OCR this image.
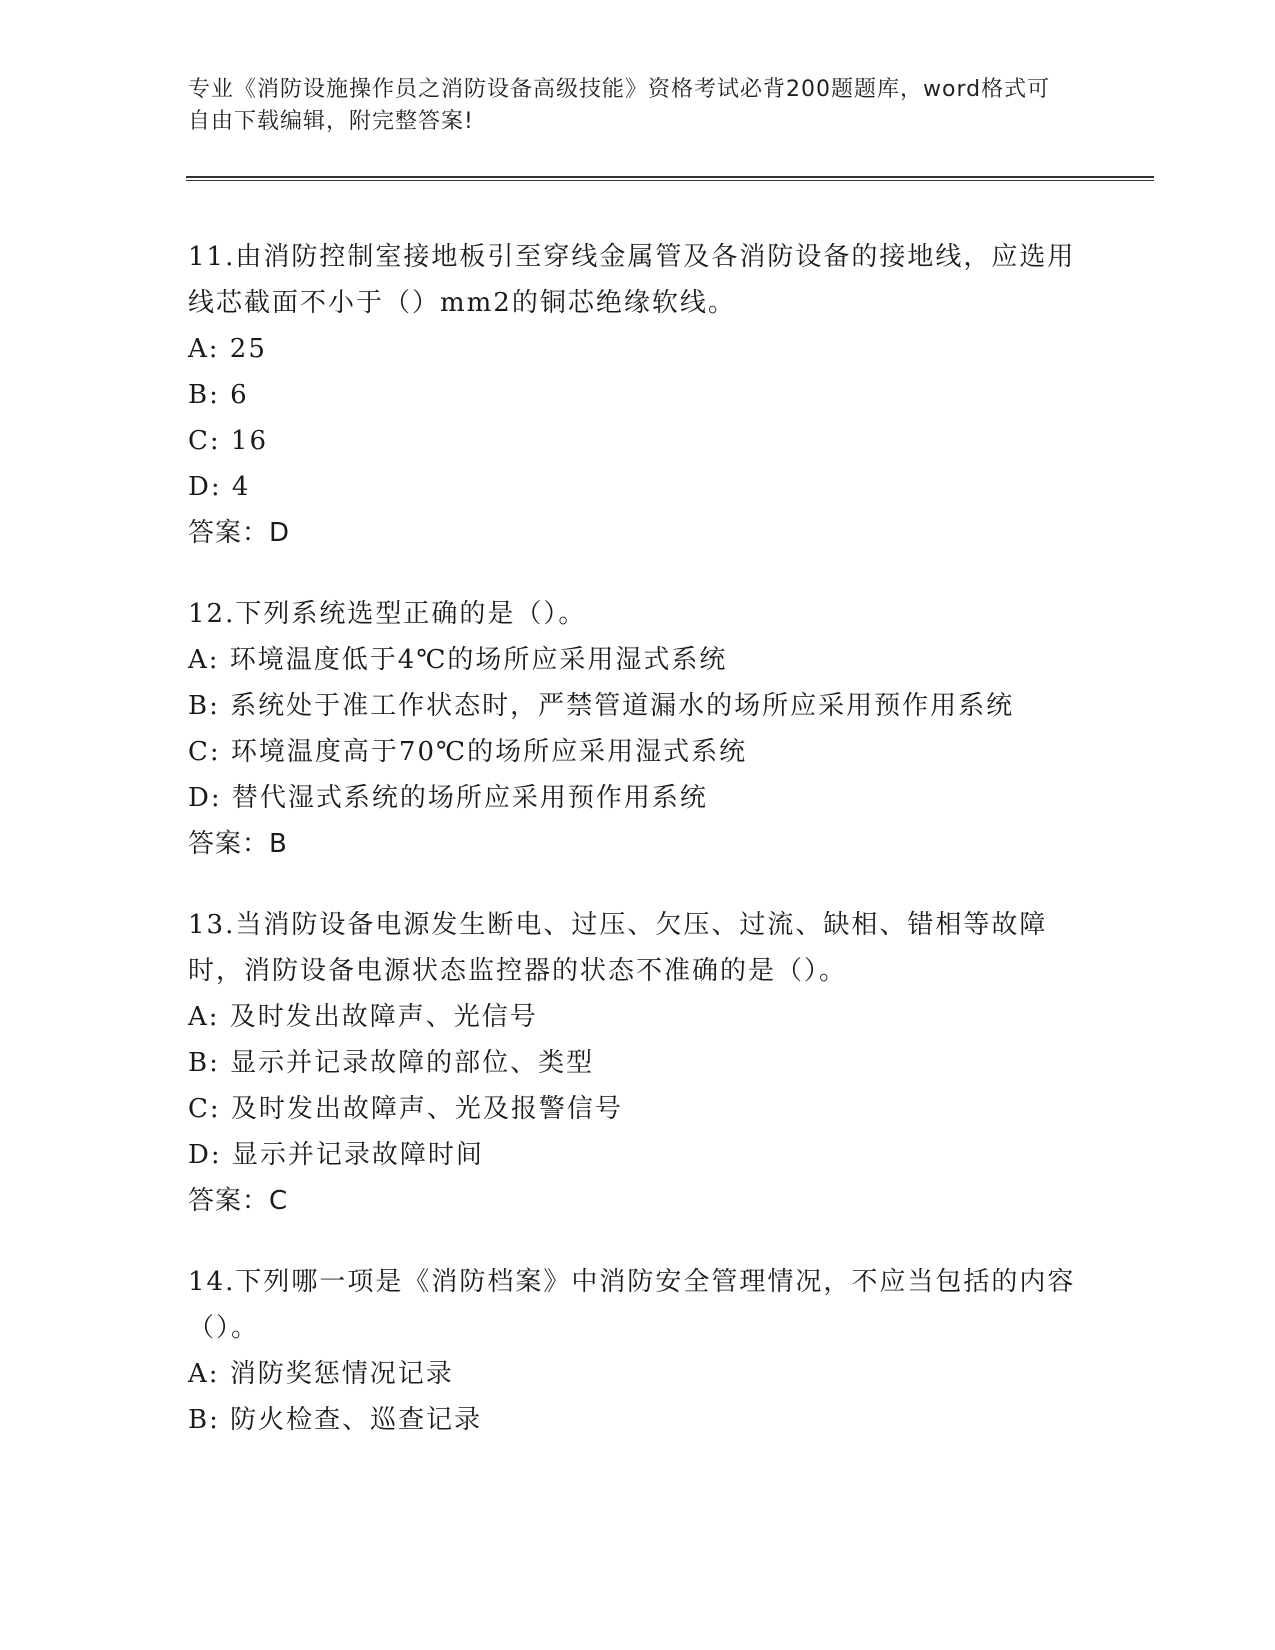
专业《消防设施操作员之消防设备高级技能》资格考试必背200题题库，word格式可自由下载编辑，附完整答案!

11.由消防控制室接地板引至穿线金属管及各消防设备的接地线，应选用线芯截面不小于（）mm2的铜芯绝缘软线。

A: 25

B: 6

C: 16

D: 4

答案：D

12.下列系统选型正确的是（）。

A: 环境温度低于4℃的场所应采用湿式系统

B: 系统处于准工作状态时，严禁管道漏水的场所应采用预作用系统

C: 环境温度高于70℃的场所应采用湿式系统

D: 替代湿式系统的场所应采用预作用系统

答案：B

13.当消防设备电源发生断电、过压、欠压、过流、缺相、错相等故障时，消防设备电源状态监控器的状态不准确的是（）。

A: 及时发出故障声、光信号

B: 显示并记录故障的部位、类型

C: 及时发出故障声、光及报警信号

D: 显示并记录故障时间

答案：C

14.下列哪一项是《消防档案》中消防安全管理情况，不应当包括的内容（）。

A: 消防奖惩情况记录

B: 防火检查、巡查记录
